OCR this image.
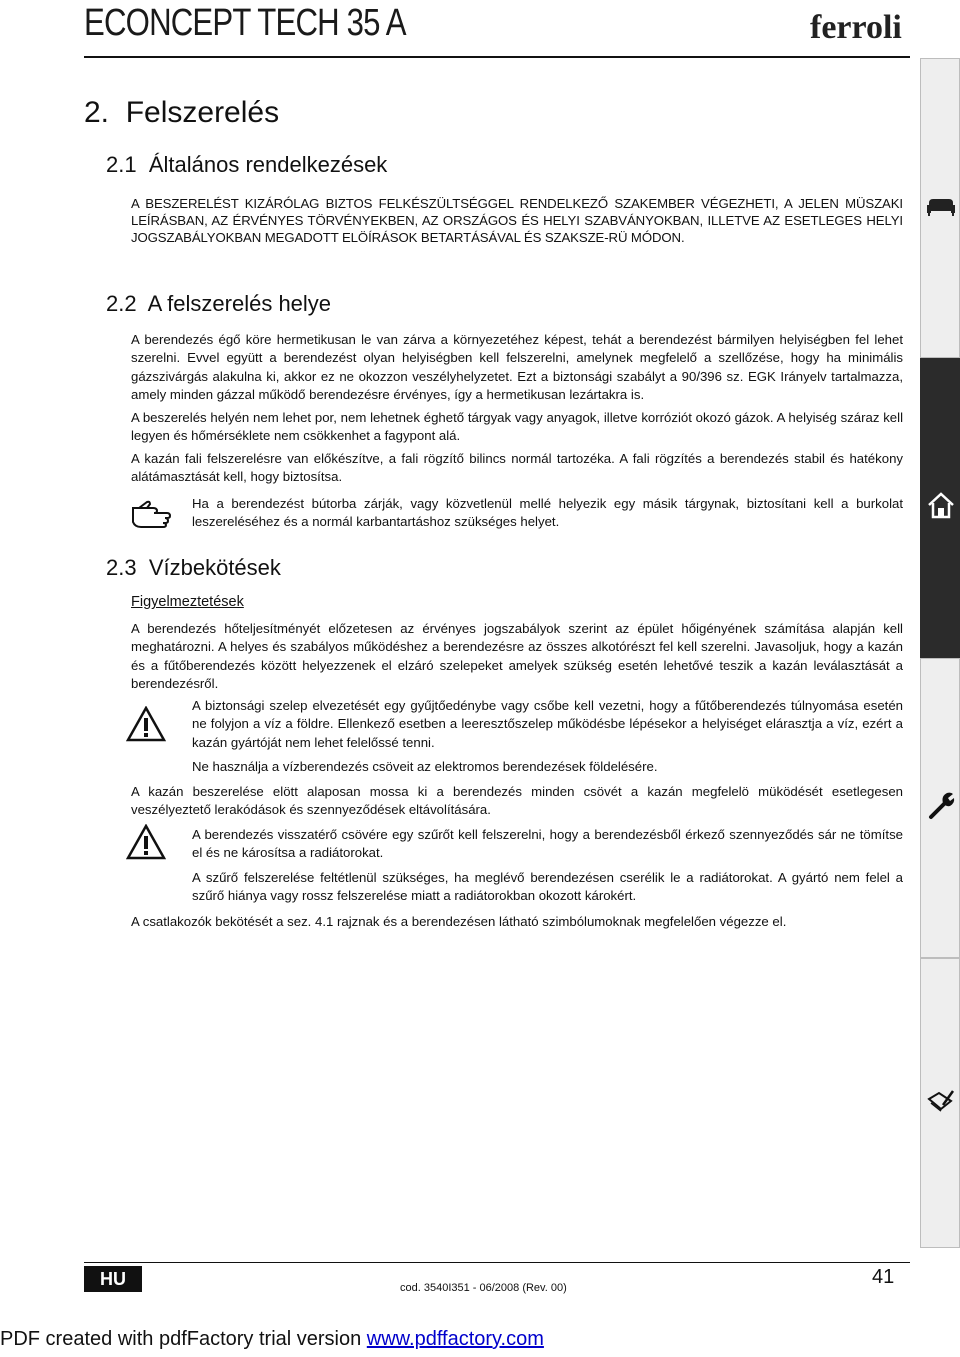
ECONCEPT TECH 35 A	ferroli
2. Felszerelés
2.1 Általános rendelkezések
A BESZERELÉST KIZÁRÓLAG BIZTOS FELKÉSZÜLTSÉGGEL RENDELKEZŐ SZAKEMBER VÉGEZHETI, A JELEN MÜSZAKI LEÍRÁSBAN, AZ ÉRVÉNYES TÖRVÉNYEKBEN, AZ ORSZÁGOS ÉS HELYI SZABVÁNYOKBAN, ILLETVE AZ ESETLEGES HELYI JOGSZABÁLYOKBAN MEGADOTT ELÖÍRÁSOK BETARTÁSÁVAL ÉS SZAKSZE-RÜ MÓDON.
2.2 A felszerelés helye

A berendezés égő köre hermetikusan le van zárva a környezetéhez képest, tehát a berendezést bármilyen helyiségben fel lehet szerelni. Evvel együtt a berendezést olyan helyiségben kell felszerelni, amelynek megfelelő a szellőzése, hogy ha minimális gázszivárgás alakulna ki, akkor ez ne okozzon veszélyhelyzetet. Ezt a biztonsági szabályt a 90/396 sz. EGK Irányelv tartalmazza, amely minden gázzal működő berendezésre érvényes, így a hermetikusan lezártakra is.

A beszerelés helyén nem lehet por, nem lehetnek éghető tárgyak vagy anyagok, illetve korróziót okozó gázok. A helyiség száraz kell legyen és hőmérséklete nem csökkenhet a fagypont alá.

A kazán fali felszerelésre van előkészítve, a fali rögzítő bilincs normál tartozéka. A fali rögzítés a berendezés stabil és hatékony alátámasztását kell, hogy biztosítsa.

Ha a berendezést bútorba zárják, vagy közvetlenül mellé helyezik egy másik tárgynak, biztosítani kell a burkolat leszereléséhez és a normál karbantartáshoz szükséges helyet.
2.3 Vízbekötések
Figyelmeztetések
A berendezés hőteljesítményét előzetesen az érvényes jogszabályok szerint az épület hőigényének számítása alapján kell meghatározni. A helyes és szabályos működéshez a berendezésre az összes alkotórészt fel kell szerelni. Javasoljuk, hogy a kazán és a fűtőberendezés között helyezzenek el elzáró szelepeket amelyek szükség esetén lehetővé teszik a kazán leválasztását a berendezésről.

A biztonsági szelep elvezetését egy gyűjtőedénybe vagy csőbe kell vezetni, hogy a fűtőberendezés túlnyomása esetén ne folyjon a víz a földre. Ellenkező esetben a leeresztőszelep működésbe lépésekor a helyiséget elárasztja a víz, ezért a kazán gyártóját nem lehet felelőssé tenni.

Ne használja a vízberendezés csöveit az elektromos berendezések földelésére.

A kazán beszerelése elött alaposan mossa ki a berendezés minden csövét a kazán megfelelö müködését esetlegesen veszélyeztető lerakódások és szennyeződések eltávolítására.

A berendezés visszatérő csövére egy szűrőt kell felszerelni, hogy a berendezésből érkező szennyeződés sár ne tömítse el és ne károsítsa a radiátorokat.

A szűrő felszerelése feltétlenül szükséges, ha meglévő berendezésen cserélik le a radiátorokat. A gyártó nem felel a szűrő hiánya vagy rossz felszerelése miatt a radiátorokban okozott károkért.

A csatlakozók bekötését a sez. 4.1 rajznak és a berendezésen látható szimbólumoknak megfelelően végezze el.
HU	cod. 3540I351 - 06/2008 (Rev. 00)	41
PDF created with pdfFactory trial version www.pdffactory.com
